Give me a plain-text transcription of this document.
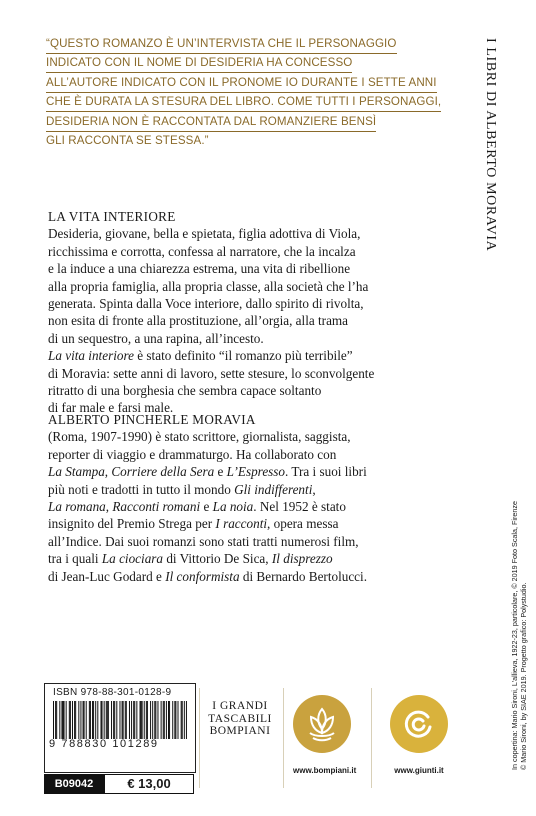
“QUESTO ROMANZO È UN’INTERVISTA CHE IL PERSONAGGIO
INDICATO CON IL NOME DI DESIDERIA HA CONCESSO
ALL’AUTORE INDICATO CON IL PRONOME IO DURANTE I SETTE ANNI
CHE È DURATA LA STESURA DEL LIBRO. COME TUTTI I PERSONAGGI,
DESIDERIA NON È RACCONTATA DAL ROMANZIERE BENSÌ
GLI RACCONTA SE STESSA.”	I LIBRI DI ALBERTO MORAVIA
LA VITA INTERIORE
Desideria, giovane, bella e spietata, figlia adottiva di Viola,
ricchissima e corrotta, confessa al narratore, che la incalza
e la induce a una chiarezza estrema, una vita di ribellione
alla propria famiglia, alla propria classe, alla società che l’ha
generata. Spinta dalla Voce interiore, dallo spirito di rivolta,
non esita di fronte alla prostituzione, all’orgia, alla trama
di un sequestro, a una rapina, all’incesto.
La vita interiore è stato definito “il romanzo più terribile”
di Moravia: sette anni di lavoro, sette stesure, lo sconvolgente
ritratto di una borghesia che sembra capace soltanto
di far male e farsi male.
ALBERTO PINCHERLE MORAVIA
(Roma, 1907-1990) è stato scrittore, giornalista, saggista,
reporter di viaggio e drammaturgo. Ha collaborato con
La Stampa, Corriere della Sera e L’Espresso. Tra i suoi libri
più noti e tradotti in tutto il mondo Gli indifferenti,
La romana, Racconti romani e La noia. Nel 1952 è stato
insignito del Premio Strega per I racconti, opera messa
all’Indice. Dai suoi romanzi sono stati tratti numerosi film,
tra i quali La ciociara di Vittorio De Sica, Il disprezzo
di Jean-Luc Godard e Il conformista di Bernardo Bertolucci.	In copertina: Mario Sironi, L’allieva, 1922-23, particolare, © 2019 Foto Scala, Firenze © Mario Sironi, by SIAE 2019. Progetto grafico: Polystudio.
ISBN 978-88-301-0128-9
9 788830 101289
B09042	€ 13,00
I GRANDI
TASCABILI
BOMPIANI
www.bompiani.it	www.giunti.it
